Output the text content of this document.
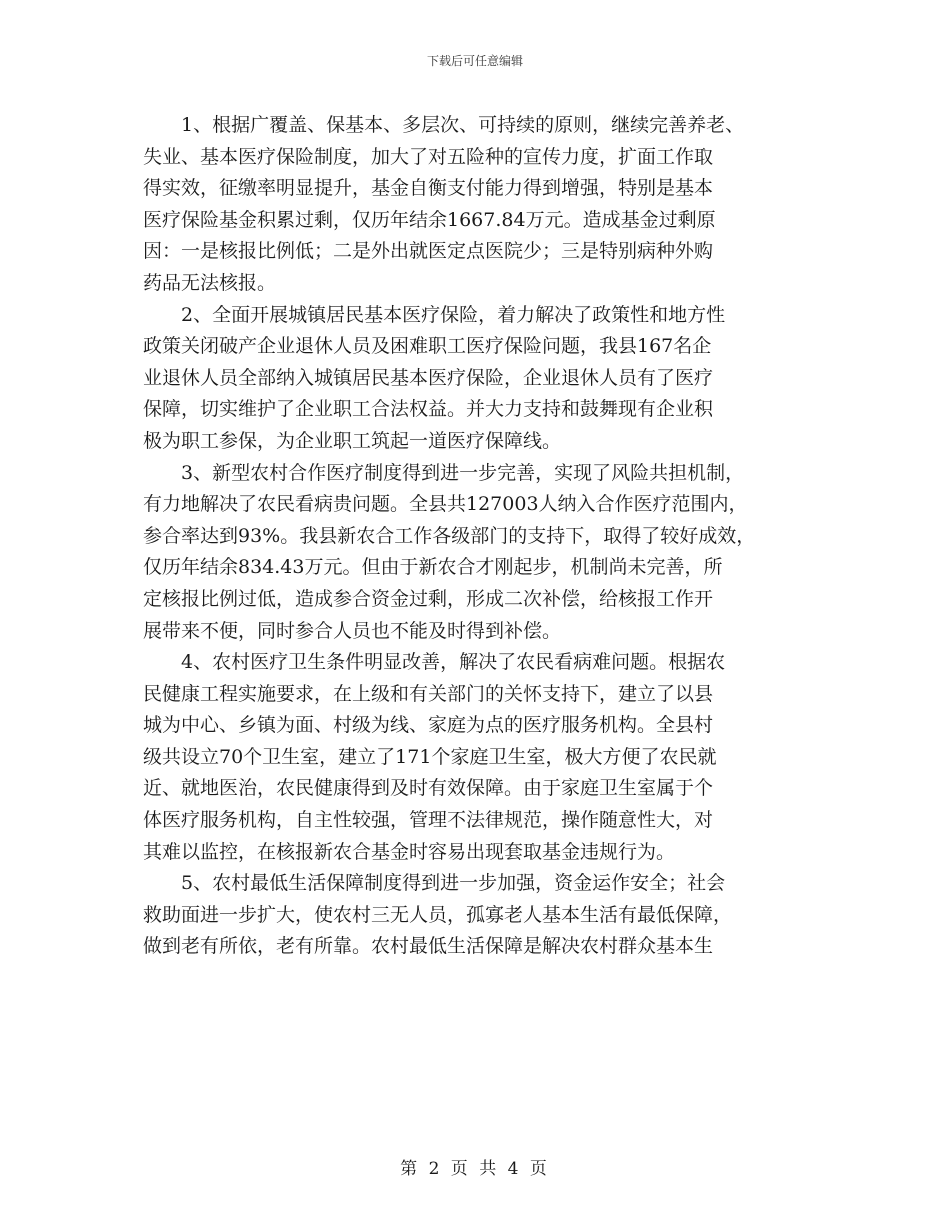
下载后可任意编辑

1、根据广覆盖、保基本、多层次、可持续的原则，继续完善养老、
失业、基本医疗保险制度，加大了对五险种的宣传力度，扩面工作取
得实效，征缴率明显提升，基金自衡支付能力得到增强，特别是基本
医疗保险基金积累过剩，仅历年结余1667.84万元。造成基金过剩原
因：一是核报比例低；二是外出就医定点医院少；三是特别病种外购
药品无法核报。

2、全面开展城镇居民基本医疗保险，着力解决了政策性和地方性
政策关闭破产企业退休人员及困难职工医疗保险问题，我县167名企
业退休人员全部纳入城镇居民基本医疗保险，企业退休人员有了医疗
保障，切实维护了企业职工合法权益。并大力支持和鼓舞现有企业积
极为职工参保，为企业职工筑起一道医疗保障线。

3、新型农村合作医疗制度得到进一步完善，实现了风险共担机制，
有力地解决了农民看病贵问题。全县共127003人纳入合作医疗范围内，
参合率达到93%。我县新农合工作各级部门的支持下，取得了较好成效，
仅历年结余834.43万元。但由于新农合才刚起步，机制尚未完善，所
定核报比例过低，造成参合资金过剩，形成二次补偿，给核报工作开
展带来不便，同时参合人员也不能及时得到补偿。

4、农村医疗卫生条件明显改善，解决了农民看病难问题。根据农
民健康工程实施要求，在上级和有关部门的关怀支持下，建立了以县
城为中心、乡镇为面、村级为线、家庭为点的医疗服务机构。全县村
级共设立70个卫生室，建立了171个家庭卫生室，极大方便了农民就
近、就地医治，农民健康得到及时有效保障。由于家庭卫生室属于个
体医疗服务机构，自主性较强，管理不法律规范，操作随意性大，对
其难以监控，在核报新农合基金时容易出现套取基金违规行为。

5、农村最低生活保障制度得到进一步加强，资金运作安全；社会
救助面进一步扩大，使农村三无人员，孤寡老人基本生活有最低保障，
做到老有所依，老有所靠。农村最低生活保障是解决农村群众基本生

第 2 页 共 4 页
